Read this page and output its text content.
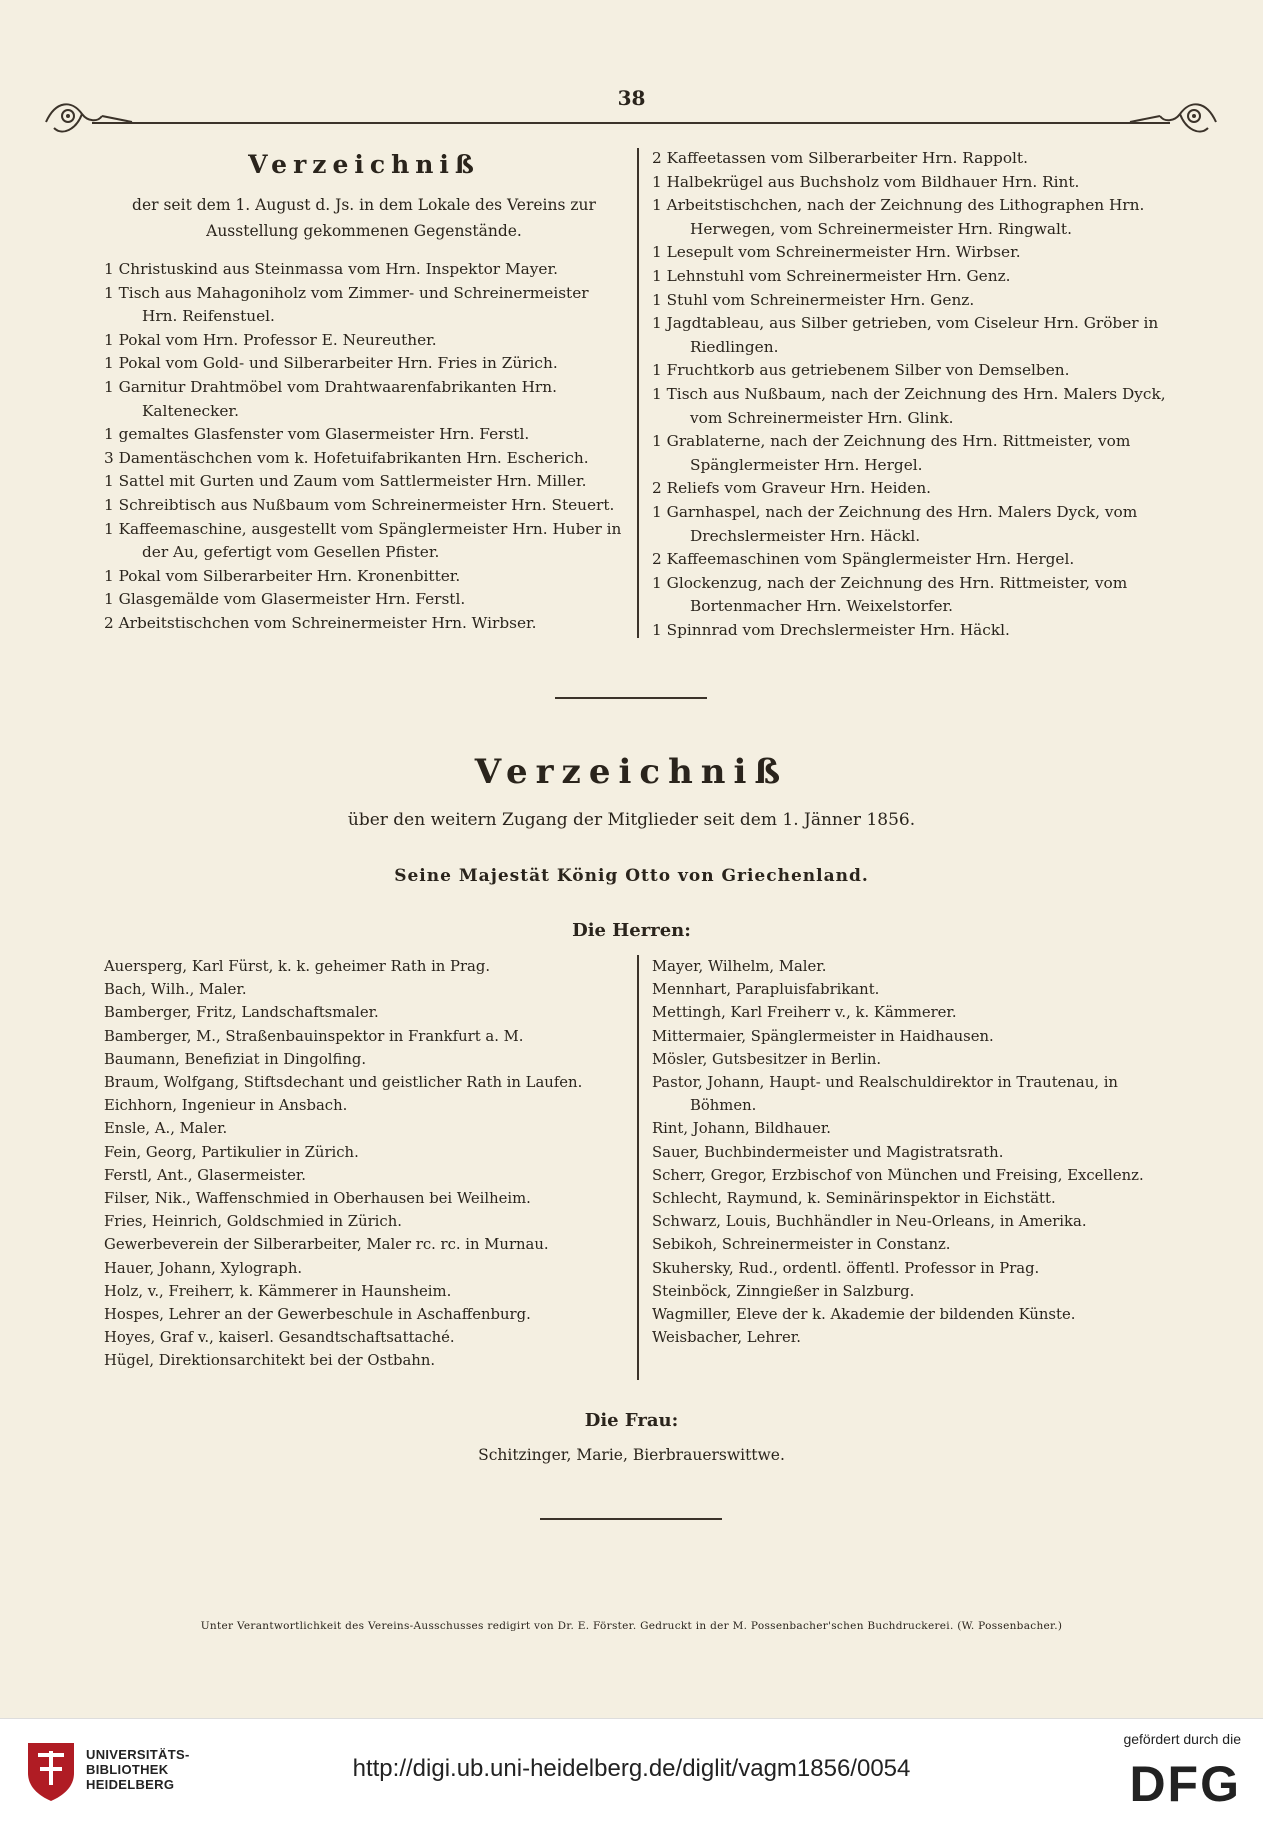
38
Verzeichniß
der seit dem 1. August d. Js. in dem Lokale des Vereins zur Ausstellung gekommenen Gegenstände.

1 Christuskind aus Steinmassa vom Hrn. Inspektor Mayer.

1 Tisch aus Mahagoniholz vom Zimmer- und Schreinermeister Hrn. Reifenstuel.

1 Pokal vom Hrn. Professor E. Neureuther.

1 Pokal vom Gold- und Silberarbeiter Hrn. Fries in Zürich.

1 Garnitur Drahtmöbel vom Drahtwaarenfabrikanten Hrn. Kaltenecker.

1 gemaltes Glasfenster vom Glasermeister Hrn. Ferstl.

3 Damentäschchen vom k. Hofetuifabrikanten Hrn. Escherich.

1 Sattel mit Gurten und Zaum vom Sattlermeister Hrn. Miller.

1 Schreibtisch aus Nußbaum vom Schreinermeister Hrn. Steuert.

1 Kaffeemaschine, ausgestellt vom Spänglermeister Hrn. Huber in der Au, gefertigt vom Gesellen Pfister.

1 Pokal vom Silberarbeiter Hrn. Kronenbitter.

1 Glasgemälde vom Glasermeister Hrn. Ferstl.

2 Arbeitstischchen vom Schreinermeister Hrn. Wirbser.

2 Kaffeetassen vom Silberarbeiter Hrn. Rappolt.

1 Halbekrügel aus Buchsholz vom Bildhauer Hrn. Rint.

1 Arbeitstischchen, nach der Zeichnung des Lithographen Hrn. Herwegen, vom Schreinermeister Hrn. Ringwalt.

1 Lesepult vom Schreinermeister Hrn. Wirbser.

1 Lehnstuhl vom Schreinermeister Hrn. Genz.

1 Stuhl vom Schreinermeister Hrn. Genz.

1 Jagdtableau, aus Silber getrieben, vom Ciseleur Hrn. Gröber in Riedlingen.

1 Fruchtkorb aus getriebenem Silber von Demselben.

1 Tisch aus Nußbaum, nach der Zeichnung des Hrn. Malers Dyck, vom Schreinermeister Hrn. Glink.

1 Grablaterne, nach der Zeichnung des Hrn. Rittmeister, vom Spänglermeister Hrn. Hergel.

2 Reliefs vom Graveur Hrn. Heiden.

1 Garnhaspel, nach der Zeichnung des Hrn. Malers Dyck, vom Drechslermeister Hrn. Häckl.

2 Kaffeemaschinen vom Spänglermeister Hrn. Hergel.

1 Glockenzug, nach der Zeichnung des Hrn. Rittmeister, vom Bortenmacher Hrn. Weixelstorfer.

1 Spinnrad vom Drechslermeister Hrn. Häckl.

Verzeichniß
über den weitern Zugang der Mitglieder seit dem 1. Jänner 1856.
Seine Majestät König Otto von Griechenland.
Die Herren:

Auersperg, Karl Fürst, k. k. geheimer Rath in Prag.

Bach, Wilh., Maler.

Bamberger, Fritz, Landschaftsmaler.

Bamberger, M., Straßenbauinspektor in Frankfurt a. M.

Baumann, Benefiziat in Dingolfing.

Braum, Wolfgang, Stiftsdechant und geistlicher Rath in Laufen.

Eichhorn, Ingenieur in Ansbach.

Ensle, A., Maler.

Fein, Georg, Partikulier in Zürich.

Ferstl, Ant., Glasermeister.

Filser, Nik., Waffenschmied in Oberhausen bei Weilheim.

Fries, Heinrich, Goldschmied in Zürich.

Gewerbeverein der Silberarbeiter, Maler rc. rc. in Murnau.

Hauer, Johann, Xylograph.

Holz, v., Freiherr, k. Kämmerer in Haunsheim.

Hospes, Lehrer an der Gewerbeschule in Aschaffenburg.

Hoyes, Graf v., kaiserl. Gesandtschaftsattaché.

Hügel, Direktionsarchitekt bei der Ostbahn.

Mayer, Wilhelm, Maler.

Mennhart, Parapluisfabrikant.

Mettingh, Karl Freiherr v., k. Kämmerer.

Mittermaier, Spänglermeister in Haidhausen.

Mösler, Gutsbesitzer in Berlin.

Pastor, Johann, Haupt- und Realschuldirektor in Trautenau, in Böhmen.

Rint, Johann, Bildhauer.

Sauer, Buchbindermeister und Magistratsrath.

Scherr, Gregor, Erzbischof von München und Freising, Excellenz.

Schlecht, Raymund, k. Seminärinspektor in Eichstätt.

Schwarz, Louis, Buchhändler in Neu-Orleans, in Amerika.

Sebikoh, Schreinermeister in Constanz.

Skuhersky, Rud., ordentl. öffentl. Professor in Prag.

Steinböck, Zinngießer in Salzburg.

Wagmiller, Eleve der k. Akademie der bildenden Künste.

Weisbacher, Lehrer.

Die Frau:
Schitzinger, Marie, Bierbrauerswittwe.
Unter Verantwortlichkeit des Vereins-Ausschusses redigirt von Dr. E. Förster. Gedruckt in der M. Possenbacher'schen Buchdruckerei. (W. Possenbacher.)
UNIVERSITÄTS-
BIBLIOTHEK
HEIDELBERG
http://digi.ub.uni-heidelberg.de/diglit/vagm1856/0054
gefördert durch die
DFG
